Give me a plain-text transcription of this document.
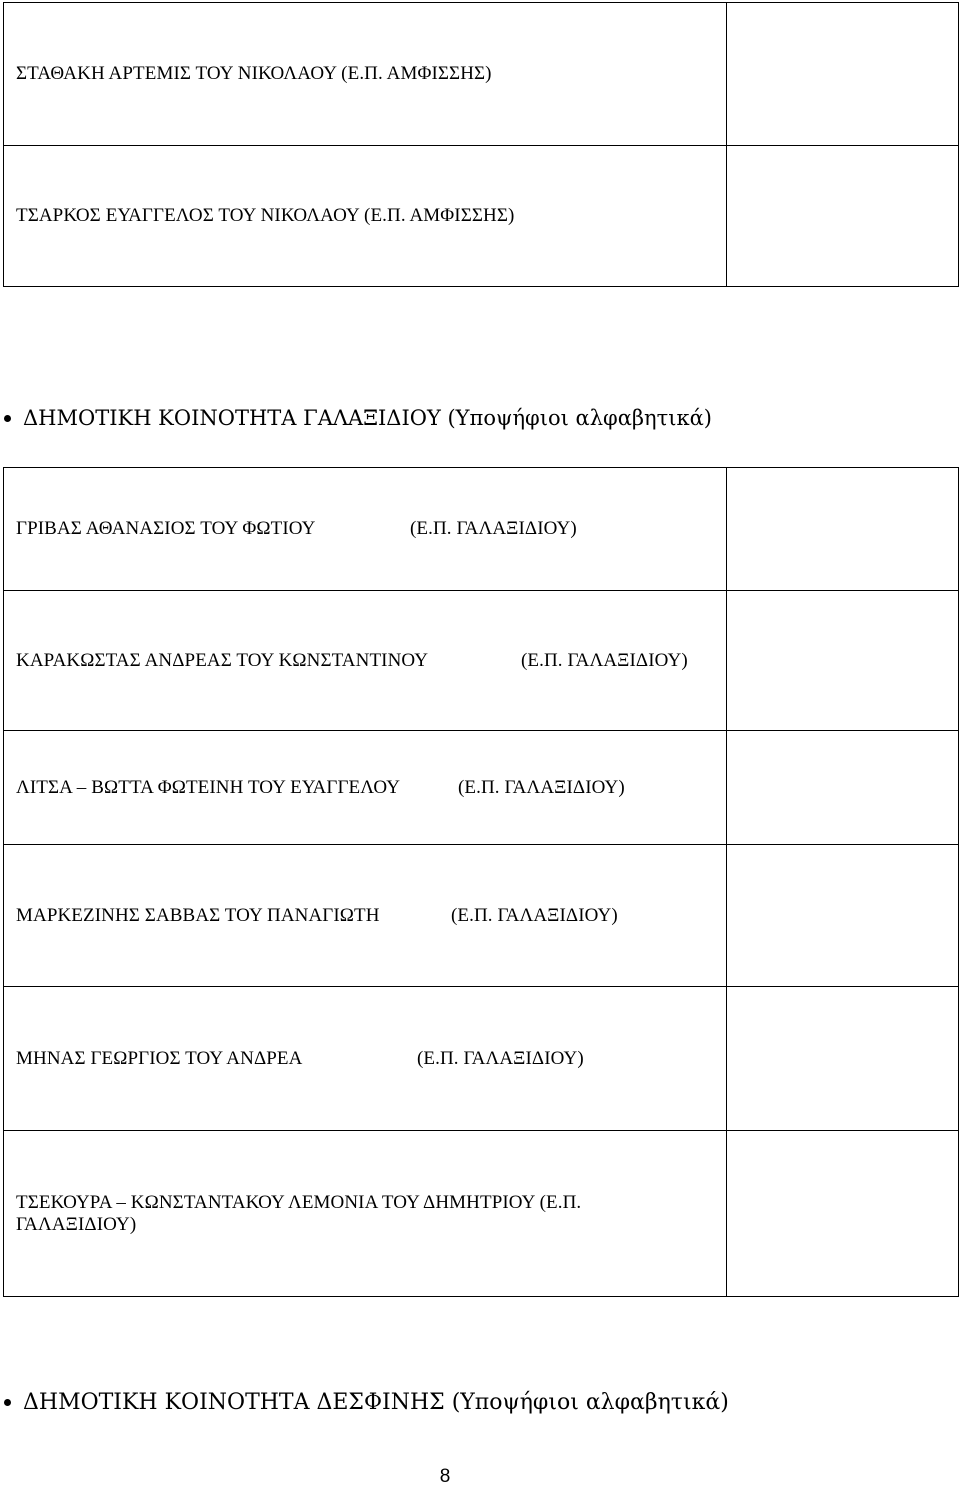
ΣΤΑΘΑΚΗ ΑΡΤΕΜΙΣ ΤΟΥ ΝΙΚΟΛΑΟΥ (Ε.Π. ΑΜΦΙΣΣΗΣ)	
ΤΣΑΡΚΟΣ ΕΥΑΓΓΕΛΟΣ ΤΟΥ ΝΙΚΟΛΑΟΥ (Ε.Π. ΑΜΦΙΣΣΗΣ)	
ΔΗΜΟΤΙΚΗ ΚΟΙΝΟΤΗΤΑ ΓΑΛΑΞΙΔΙΟΥ (Υποψήφιοι αλφαβητικά)
ΓΡΙΒΑΣ ΑΘΑΝΑΣΙΟΣ ΤΟΥ ΦΩΤΙΟΥ (Ε.Π. ΓΑΛΑΞΙΔΙΟΥ)	

ΚΑΡΑΚΩΣΤΑΣ ΑΝΔΡΕΑΣ ΤΟΥ ΚΩΝΣΤΑΝΤΙΝΟΥ (Ε.Π. ΓΑΛΑΞΙΔΙΟΥ)	

ΛΙΤΣΑ – ΒΩΤΤΑ ΦΩΤΕΙΝΗ ΤΟΥ ΕΥΑΓΓΕΛΟΥ (Ε.Π. ΓΑΛΑΞΙΔΙΟΥ)	

ΜΑΡΚΕΖΙΝΗΣ ΣΑΒΒΑΣ ΤΟΥ ΠΑΝΑΓΙΩΤΗ (Ε.Π. ΓΑΛΑΞΙΔΙΟΥ)	

ΜΗΝΑΣ ΓΕΩΡΓΙΟΣ ΤΟΥ ΑΝΔΡΕΑ (Ε.Π. ΓΑΛΑΞΙΔΙΟΥ)	

ΤΣΕΚΟΥΡΑ – ΚΩΝΣΤΑΝΤΑΚΟΥ ΛΕΜΟΝΙΑ ΤΟΥ ΔΗΜΗΤΡΙΟΥ (Ε.Π. ΓΑΛΑΞΙΔΙΟΥ)	

ΔΗΜΟΤΙΚΗ ΚΟΙΝΟΤΗΤΑ ΔΕΣΦΙΝΗΣ (Υποψήφιοι αλφαβητικά)
8
